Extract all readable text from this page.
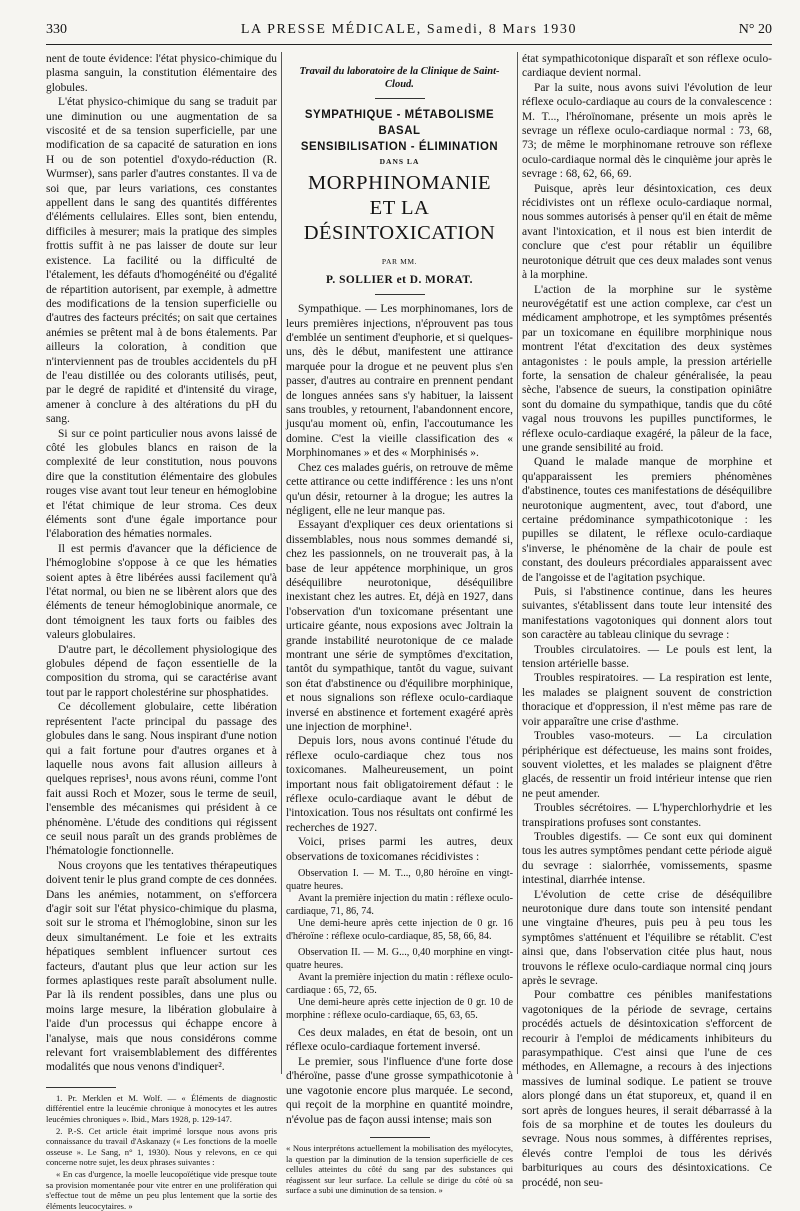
330	LA PRESSE MÉDICALE, Samedi, 8 Mars 1930	N° 20

nent de toute évidence: l'état physico-chimique du plasma sanguin, la constitution élémentaire des globules.

L'état physico-chimique du sang se traduit par une diminution ou une augmentation de sa viscosité et de sa tension superficielle, par une modification de sa capacité de saturation en ions H ou de son potentiel d'oxydo-réduction (R. Wurmser), sans parler d'autres constantes. Il va de soi que, par leurs variations, ces constantes appellent dans le sang des quantités différentes d'éléments cellulaires. Elles sont, bien entendu, difficiles à mesurer; mais la pratique des simples frottis suffit à ne pas laisser de doute sur leur existence. La facilité ou la difficulté de l'étalement, les défauts d'homogénéité ou d'égalité de répartition autorisent, par exemple, à admettre des modifications de la tension superficielle ou d'autres des facteurs précités; on sait que certaines anémies se prêtent mal à de bons étalements. Par ailleurs la coloration, à condition que n'interviennent pas de troubles accidentels du pH de l'eau distillée ou des colorants utilisés, peut, par le degré de rapidité et d'intensité du virage, amener à conclure à des altérations du pH du sang.

Si sur ce point particulier nous avons laissé de côté les globules blancs en raison de la complexité de leur constitution, nous pouvons dire que la constitution élémentaire des globules rouges vise avant tout leur teneur en hémoglobine et l'état chimique de leur stroma. Ces deux éléments sont d'une égale importance pour l'élaboration des hématies normales.

Il est permis d'avancer que la déficience de l'hémoglobine s'oppose à ce que les hématies soient aptes à être libérées aussi facilement qu'à l'état normal, ou bien ne se libèrent alors que des éléments de teneur hémoglobinique anormale, ce dont témoignent les taux forts ou faibles des valeurs globulaires.

D'autre part, le décollement physiologique des globules dépend de façon essentielle de la composition du stroma, qui se caractérise avant tout par le rapport cholestérine sur phosphatides.

Ce décollement globulaire, cette libération représentent l'acte principal du passage des globules dans le sang. Nous inspirant d'une notion qui a fait fortune pour d'autres organes et à laquelle nous avons fait allusion ailleurs à quelques reprises¹, nous avons réuni, comme l'ont fait aussi Roch et Mozer, sous le terme de seuil, l'ensemble des mécanismes qui président à ce phénomène. L'étude des conditions qui régissent ce seuil nous paraît un des grands problèmes de l'hématologie fonctionnelle.

Nous croyons que les tentatives thérapeutiques doivent tenir le plus grand compte de ces données. Dans les anémies, notamment, on s'efforcera d'agir soit sur l'état physico-chimique du plasma, soit sur le stroma et l'hémoglobine, sinon sur les deux simultanément. Le foie et les extraits hépatiques semblent influencer surtout ces facteurs, d'autant plus que leur action sur les formes aplastiques reste paraît absolument nulle. Par là ils rendent possibles, dans une plus ou moins large mesure, la libération globulaire à l'aide d'un processus qui échappe encore à l'analyse, mais que nous considérons comme relevant fort vraisemblablement des différentes modalités que nous venons d'indiquer².

1. Pr. Merklen et M. Wolf. — « Éléments de diagnostic différentiel entre la leucémie chronique à monocytes et les autres leucémies chroniques ». Ibid., Mars 1928, p. 129-147.

2. P.-S. Cet article était imprimé lorsque nous avons pris connaissance du travail d'Askanazy (« Les fonctions de la moelle osseuse ». Le Sang, n° 1, 1930). Nous y relevons, en ce qui concerne notre sujet, les deux phrases suivantes :

« En cas d'urgence, la moelle leucopoïétique vide presque toute sa provision momentanée pour vite entrer en une prolifération qui s'effectue tout de même un peu plus lentement que la sortie des éléments leucocytaires. »

Travail du laboratoire de la Clinique de Saint-Cloud.
SYMPATHIQUE - MÉTABOLISME BASAL
SENSIBILISATION - ÉLIMINATION
DANS LA
MORPHINOMANIE
ET LA DÉSINTOXICATION
PAR MM.
P. SOLLIER et D. MORAT.

Sympathique. — Les morphinomanes, lors de leurs premières injections, n'éprouvent pas tous d'emblée un sentiment d'euphorie, et si quelques-uns, dès le début, manifestent une attirance marquée pour la drogue et ne peuvent plus s'en passer, d'autres au contraire en prennent pendant de longues années sans s'y habituer, la laissent sans troubles, y retournent, l'abandonnent encore, jusqu'au moment où, enfin, l'accoutumance les domine. C'est la vieille classification des « Morphinomanes » et des « Morphinisés ».

Chez ces malades guéris, on retrouve de même cette attirance ou cette indifférence : les uns n'ont qu'un désir, retourner à la drogue; les autres la négligent, elle ne leur manque pas.

Essayant d'expliquer ces deux orientations si dissemblables, nous nous sommes demandé si, chez les passionnels, on ne trouverait pas, à la base de leur appétence morphinique, un gros déséquilibre neurotonique, déséquilibre inexistant chez les autres. Et, déjà en 1927, dans l'observation d'un toxicomane présentant une urticaire géante, nous exposions avec Joltrain la grande instabilité neurotonique de ce malade montrant une série de symptômes d'excitation, tantôt du sympathique, tantôt du vague, suivant son état d'abstinence ou d'équilibre morphinique, et nous signalions son réflexe oculo-cardiaque inversé en abstinence et fortement exagéré après une injection de morphine¹.

Depuis lors, nous avons continué l'étude du réflexe oculo-cardiaque chez tous nos toxicomanes. Malheureusement, un point important nous fait obligatoirement défaut : le réflexe oculo-cardiaque avant le début de l'intoxication. Tous nos résultats ont confirmé les recherches de 1927.

Voici, prises parmi les autres, deux observations de toxicomanes récidivistes :

Observation I. — M. T..., 0,80 héroïne en vingt-quatre heures.

Avant la première injection du matin : réflexe oculo-cardiaque, 71, 86, 74.

Une demi-heure après cette injection de 0 gr. 16 d'héroïne : réflexe oculo-cardiaque, 85, 58, 66, 84.

Observation II. — M. G..., 0,40 morphine en vingt-quatre heures.

Avant la première injection du matin : réflexe oculo-cardiaque : 65, 72, 65.

Une demi-heure après cette injection de 0 gr. 10 de morphine : réflexe oculo-cardiaque, 65, 63, 65.

Ces deux malades, en état de besoin, ont un réflexe oculo-cardiaque fortement inversé.

Le premier, sous l'influence d'une forte dose d'héroïne, passe d'une grosse sympathicotonie à une vagotonie encore plus marquée. Le second, qui reçoit de la morphine en quantité moindre, n'évolue pas de façon aussi intense; mais son

« Nous interprétons actuellement la mobilisation des myélocytes, la question par la diminution de la tension superficielle de ces cellules atteintes du côté du sang par des substances qui réagissent sur leur surface. La cellule se dirige du côté où sa surface a subi une diminution de sa tension. »

état sympathicotonique disparaît et son réflexe oculo-cardiaque devient normal.

Par la suite, nous avons suivi l'évolution de leur réflexe oculo-cardiaque au cours de la convalescence : M. T..., l'héroïnomane, présente un mois après le sevrage un réflexe oculo-cardiaque normal : 73, 68, 73; de même le morphinomane retrouve son réflexe oculo-cardiaque normal dès le cinquième jour après le sevrage : 68, 62, 66, 69.

Puisque, après leur désintoxication, ces deux récidivistes ont un réflexe oculo-cardiaque normal, nous sommes autorisés à penser qu'il en était de même avant l'intoxication, et il nous est bien interdit de conclure que c'est pour rétablir un équilibre neurotonique détruit que ces deux malades sont venus à la morphine.

L'action de la morphine sur le système neurovégétatif est une action complexe, car c'est un médicament amphotrope, et les symptômes présentés par un toxicomane en équilibre morphinique nous montrent l'état d'excitation des deux systèmes antagonistes : le pouls ample, la pression artérielle forte, la sensation de chaleur généralisée, la peau sèche, l'absence de sueurs, la constipation opiniâtre sont du domaine du sympathique, tandis que du côté vagal nous trouvons les pupilles punctiformes, le réflexe oculo-cardiaque exagéré, la pâleur de la face, une grande sensibilité au froid.

Quand le malade manque de morphine et qu'apparaissent les premiers phénomènes d'abstinence, toutes ces manifestations de déséquilibre neurotonique augmentent, avec, tout d'abord, une certaine prédominance sympathicotonique : les pupilles se dilatent, le réflexe oculo-cardiaque s'inverse, le phénomène de la chair de poule est constant, des douleurs précordiales apparaissent avec de l'angoisse et de l'agitation psychique.

Puis, si l'abstinence continue, dans les heures suivantes, s'établissent dans toute leur intensité des manifestations vagotoniques qui donnent alors tout son caractère au tableau clinique du sevrage :

Troubles circulatoires. — Le pouls est lent, la tension artérielle basse.

Troubles respiratoires. — La respiration est lente, les malades se plaignent souvent de constriction thoracique et d'oppression, il n'est même pas rare de voir apparaître une crise d'asthme.

Troubles vaso-moteurs. — La circulation périphérique est défectueuse, les mains sont froides, souvent violettes, et les malades se plaignent d'être glacés, de ressentir un froid intérieur intense que rien ne peut amender.

Troubles sécrétoires. — L'hyperchlorhydrie et les transpirations profuses sont constantes.

Troubles digestifs. — Ce sont eux qui dominent tous les autres symptômes pendant cette période aiguë du sevrage : sialorrhée, vomissements, spasme intestinal, diarrhée intense.

L'évolution de cette crise de déséquilibre neurotonique dure dans toute son intensité pendant une vingtaine d'heures, puis peu à peu tous les symptômes s'atténuent et l'équilibre se rétablit. C'est ainsi que, dans l'observation citée plus haut, nous trouvons le réflexe oculo-cardiaque normal cinq jours après le sevrage.

Pour combattre ces pénibles manifestations vagotoniques de la période de sevrage, certains procédés actuels de désintoxication s'efforcent de recourir à l'emploi de médicaments inhibiteurs du parasympathique. C'est ainsi que l'une de ces méthodes, en Allemagne, a recours à des injections massives de luminal sodique. Le patient se trouve alors plongé dans un état stuporeux, et, quand il en sort après de longues heures, il serait débarrassé à la fois de sa morphine et de toutes les douleurs du sevrage. Nous nous sommes, à différentes reprises, élevés contre l'emploi de tous les dérivés barbituriques au cours des désintoxications. Ce procédé, non seu-
